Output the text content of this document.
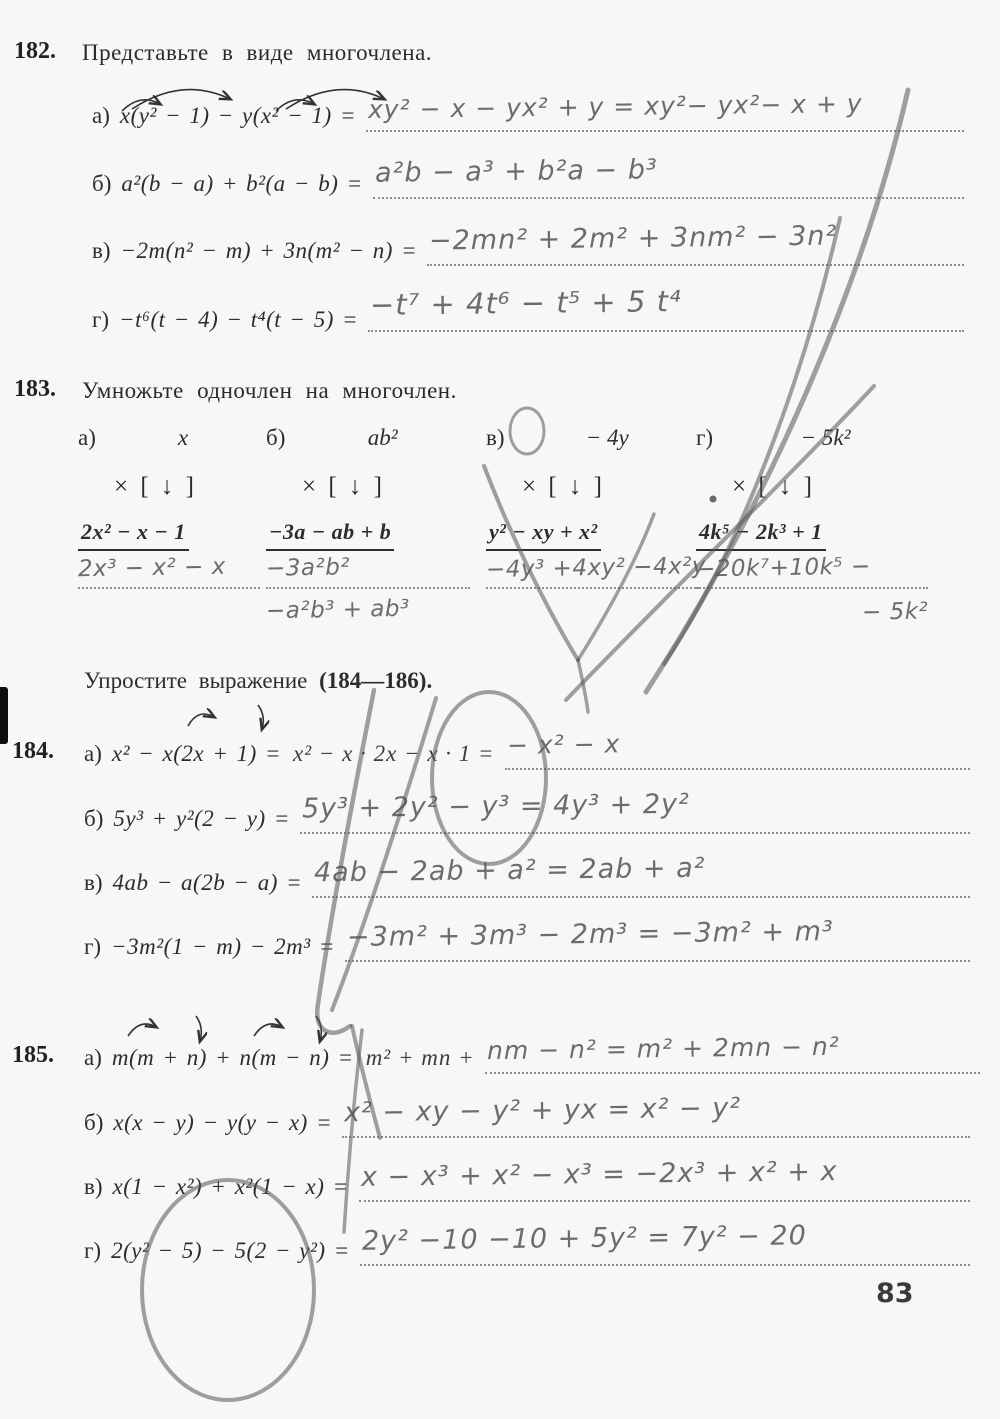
182. Представьте в виде многочлена.
а) x(y² − 1) − y(x² − 1) = xy² − x − yx² + y = xy²− yx²− x + y
б) a²(b − a) + b²(a − b) = a²b − a³ + b²a − b³
в) −2m(n² − m) + 3n(m² − n) = −2mn² + 2m² + 3nm² − 3n²
г) −t⁶(t − 4) − t⁴(t − 5) = −t⁷ + 4t⁶ − t⁵ + 5 t⁴
183. Умножьте одночлен на многочлен.
а)	x
× [ ↓ ]
2x² − x − 1
2x³ − x² − x
б)	ab²
× [ ↓ ]
−3a − ab + b
−3a²b²
−a²b³ + ab³
в)	− 4y
× [ ↓ ]
y² − xy + x²
−4y³ +4xy² −4x²y
г)	− 5k²
× [ ↓ ]
4k⁵ − 2k³ + 1
−20k⁷+10k⁵ −
− 5k²
Упростите выражение (184—186).
184. а) x² − x(2x + 1) = x² − x · 2x − x · 1 = − x² − x
б) 5y³ + y²(2 − y) = 5y³ + 2y² − y³ = 4y³ + 2y²
в) 4ab − a(2b − a) = 4ab − 2ab + a² = 2ab + a²
г) −3m²(1 − m) − 2m³ = −3m² + 3m³ − 2m³ = −3m² + m³
185. а) m(m + n) + n(m − n) = m² + mn + nm − n² = m² + 2mn − n²
б) x(x − y) − y(y − x) = x² − xy − y² + yx = x² − y²
в) x(1 − x²) + x²(1 − x) = x − x³ + x² − x³ = −2x³ + x² + x
г) 2(y² − 5) − 5(2 − y²) = 2y² −10 −10 + 5y² = 7y² − 20
83
